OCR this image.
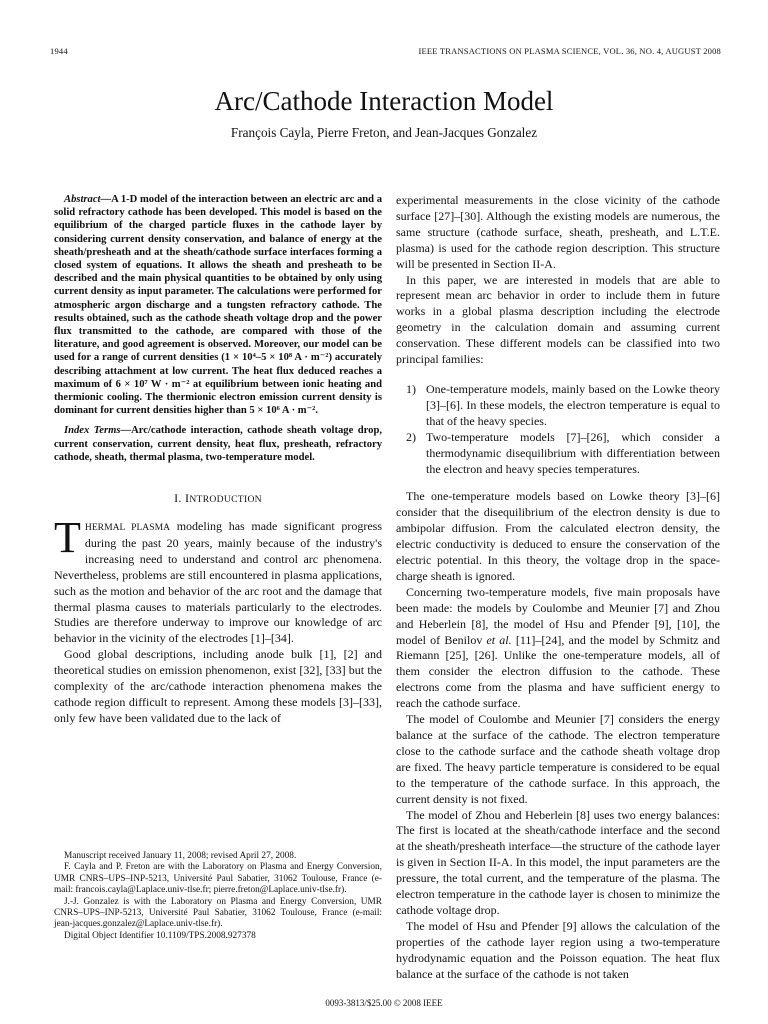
1944	IEEE TRANSACTIONS ON PLASMA SCIENCE, VOL. 36, NO. 4, AUGUST 2008
Arc/Cathode Interaction Model
François Cayla, Pierre Freton, and Jean-Jacques Gonzalez

Abstract—A 1-D model of the interaction between an electric arc and a solid refractory cathode has been developed. This model is based on the equilibrium of the charged particle fluxes in the cathode layer by considering current density conservation, and balance of energy at the sheath/presheath and at the sheath/cathode surface interfaces forming a closed system of equations. It allows the sheath and presheath to be described and the main physical quantities to be obtained by only using current density as input parameter. The calculations were performed for atmospheric argon discharge and a tungsten refractory cathode. The results obtained, such as the cathode sheath voltage drop and the power flux transmitted to the cathode, are compared with those of the literature, and good agreement is observed. Moreover, our model can be used for a range of current densities (1 × 10⁴–5 × 10⁸ A · m⁻²) accurately describing attachment at low current. The heat flux deduced reaches a maximum of 6 × 10⁷ W · m⁻² at equilibrium between ionic heating and thermionic cooling. The thermionic electron emission current density is dominant for current densities higher than 5 × 10⁶ A · m⁻².

Index Terms—Arc/cathode interaction, cathode sheath voltage drop, current conservation, current density, heat flux, presheath, refractory cathode, sheath, thermal plasma, two-temperature model.

I. INTRODUCTION

THERMAL PLASMA modeling has made significant progress during the past 20 years, mainly because of the industry's increasing need to understand and control arc phenomena. Nevertheless, problems are still encountered in plasma applications, such as the motion and behavior of the arc root and the damage that thermal plasma causes to materials particularly to the electrodes. Studies are therefore underway to improve our knowledge of arc behavior in the vicinity of the electrodes [1]–[34].

Good global descriptions, including anode bulk [1], [2] and theoretical studies on emission phenomenon, exist [32], [33] but the complexity of the arc/cathode interaction phenomena makes the cathode region difficult to represent. Among these models [3]–[33], only few have been validated due to the lack of

Manuscript received January 11, 2008; revised April 27, 2008.

F. Cayla and P. Freton are with the Laboratory on Plasma and Energy Conversion, UMR CNRS–UPS–INP-5213, Université Paul Sabatier, 31062 Toulouse, France (e-mail: francois.cayla@Laplace.univ-tlse.fr; pierre.freton@Laplace.univ-tlse.fr).

J.-J. Gonzalez is with the Laboratory on Plasma and Energy Conversion, UMR CNRS–UPS–INP-5213, Université Paul Sabatier, 31062 Toulouse, France (e-mail: jean-jacques.gonzalez@Laplace.univ-tlse.fr).

Digital Object Identifier 10.1109/TPS.2008.927378

experimental measurements in the close vicinity of the cathode surface [27]–[30]. Although the existing models are numerous, the same structure (cathode surface, sheath, presheath, and L.T.E. plasma) is used for the cathode region description. This structure will be presented in Section II-A.

In this paper, we are interested in models that are able to represent mean arc behavior in order to include them in future works in a global plasma description including the electrode geometry in the calculation domain and assuming current conservation. These different models can be classified into two principal families:

1) One-temperature models, mainly based on the Lowke theory [3]–[6]. In these models, the electron temperature is equal to that of the heavy species.
2) Two-temperature models [7]–[26], which consider a thermodynamic disequilibrium with differentiation between the electron and heavy species temperatures.

The one-temperature models based on Lowke theory [3]–[6] consider that the disequilibrium of the electron density is due to ambipolar diffusion. From the calculated electron density, the electric conductivity is deduced to ensure the conservation of the electric potential. In this theory, the voltage drop in the space-charge sheath is ignored.

Concerning two-temperature models, five main proposals have been made: the models by Coulombe and Meunier [7] and Zhou and Heberlein [8], the model of Hsu and Pfender [9], [10], the model of Benilov et al. [11]–[24], and the model by Schmitz and Riemann [25], [26]. Unlike the one-temperature models, all of them consider the electron diffusion to the cathode. These electrons come from the plasma and have sufficient energy to reach the cathode surface.

The model of Coulombe and Meunier [7] considers the energy balance at the surface of the cathode. The electron temperature close to the cathode surface and the cathode sheath voltage drop are fixed. The heavy particle temperature is considered to be equal to the temperature of the cathode surface. In this approach, the current density is not fixed.

The model of Zhou and Heberlein [8] uses two energy balances: The first is located at the sheath/cathode interface and the second at the sheath/presheath interface—the structure of the cathode layer is given in Section II-A. In this model, the input parameters are the pressure, the total current, and the temperature of the plasma. The electron temperature in the cathode layer is chosen to minimize the cathode voltage drop.

The model of Hsu and Pfender [9] allows the calculation of the properties of the cathode layer region using a two-temperature hydrodynamic equation and the Poisson equation. The heat flux balance at the surface of the cathode is not taken

0093-3813/$25.00 © 2008 IEEE
